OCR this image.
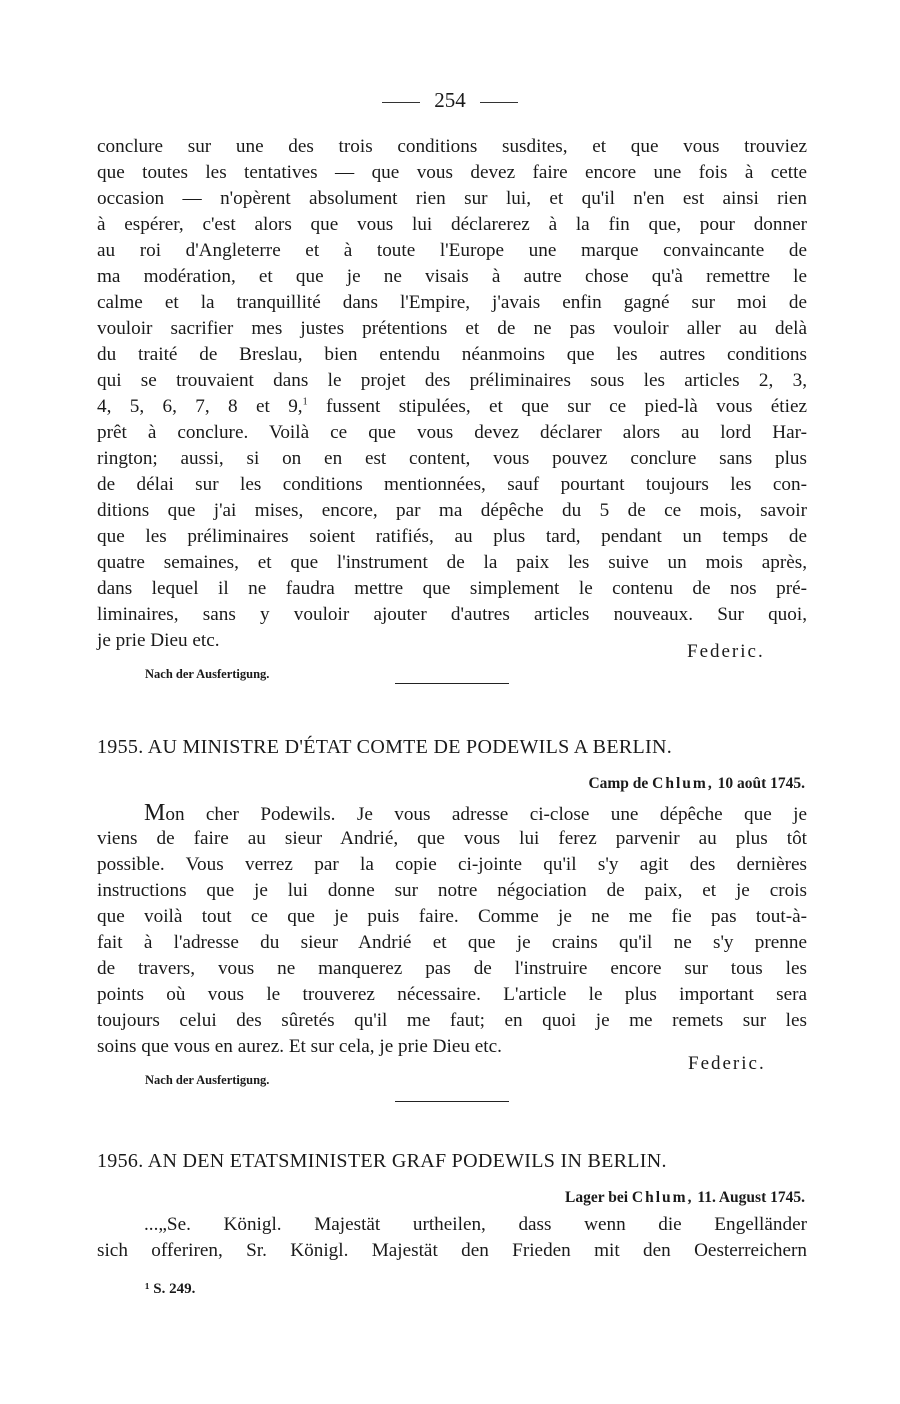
254
conclure sur une des trois conditions susdites, et que vous trouviez
que toutes les tentatives — que vous devez faire encore une fois à cette
occasion — n'opèrent absolument rien sur lui, et qu'il n'en est ainsi rien
à espérer, c'est alors que vous lui déclarerez à la fin que, pour donner
au roi d'Angleterre et à toute l'Europe une marque convaincante de
ma modération, et que je ne visais à autre chose qu'à remettre le
calme et la tranquillité dans l'Empire, j'avais enfin gagné sur moi de
vouloir sacrifier mes justes prétentions et de ne pas vouloir aller au delà
du traité de Breslau, bien entendu néanmoins que les autres conditions
qui se trouvaient dans le projet des préliminaires sous les articles 2, 3,
4, 5, 6, 7, 8 et 9,$^1$ fussent stipulées, et que sur ce pied-là vous étiez
prêt à conclure. Voilà ce que vous devez déclarer alors au lord Har-
rington; aussi, si on en est content, vous pouvez conclure sans plus
de délai sur les conditions mentionnées, sauf pourtant toujours les con-
ditions que j'ai mises, encore, par ma dépêche du 5 de ce mois, savoir
que les préliminaires soient ratifiés, au plus tard, pendant un temps de
quatre semaines, et que l'instrument de la paix les suive un mois après,
dans lequel il ne faudra mettre que simplement le contenu de nos pré-
liminaires, sans y vouloir ajouter d'autres articles nouveaux. Sur quoi,
je prie Dieu etc.
Federic.
Nach der Ausfertigung.
1955. AU MINISTRE D'ÉTAT COMTE DE PODEWILS A BERLIN.
Camp de Chlum, 10 août 1745.
Mon cher Podewils. Je vous adresse ci-close une dépêche que je
viens de faire au sieur Andrié, que vous lui ferez parvenir au plus tôt
possible. Vous verrez par la copie ci-jointe qu'il s'y agit des dernières
instructions que je lui donne sur notre négociation de paix, et je crois
que voilà tout ce que je puis faire. Comme je ne me fie pas tout-à-
fait à l'adresse du sieur Andrié et que je crains qu'il ne s'y prenne
de travers, vous ne manquerez pas de l'instruire encore sur tous les
points où vous le trouverez nécessaire. L'article le plus important sera
toujours celui des sûretés qu'il me faut; en quoi je me remets sur les
soins que vous en aurez. Et sur cela, je prie Dieu etc.
Federic.
Nach der Ausfertigung.
1956. AN DEN ETATSMINISTER GRAF PODEWILS IN BERLIN.
Lager bei Chlum, 11. August 1745.
...„Se. Königl. Majestät urtheilen, dass wenn die Engelländer
sich offeriren, Sr. Königl. Majestät den Frieden mit den Oesterreichern
¹ S. 249.
